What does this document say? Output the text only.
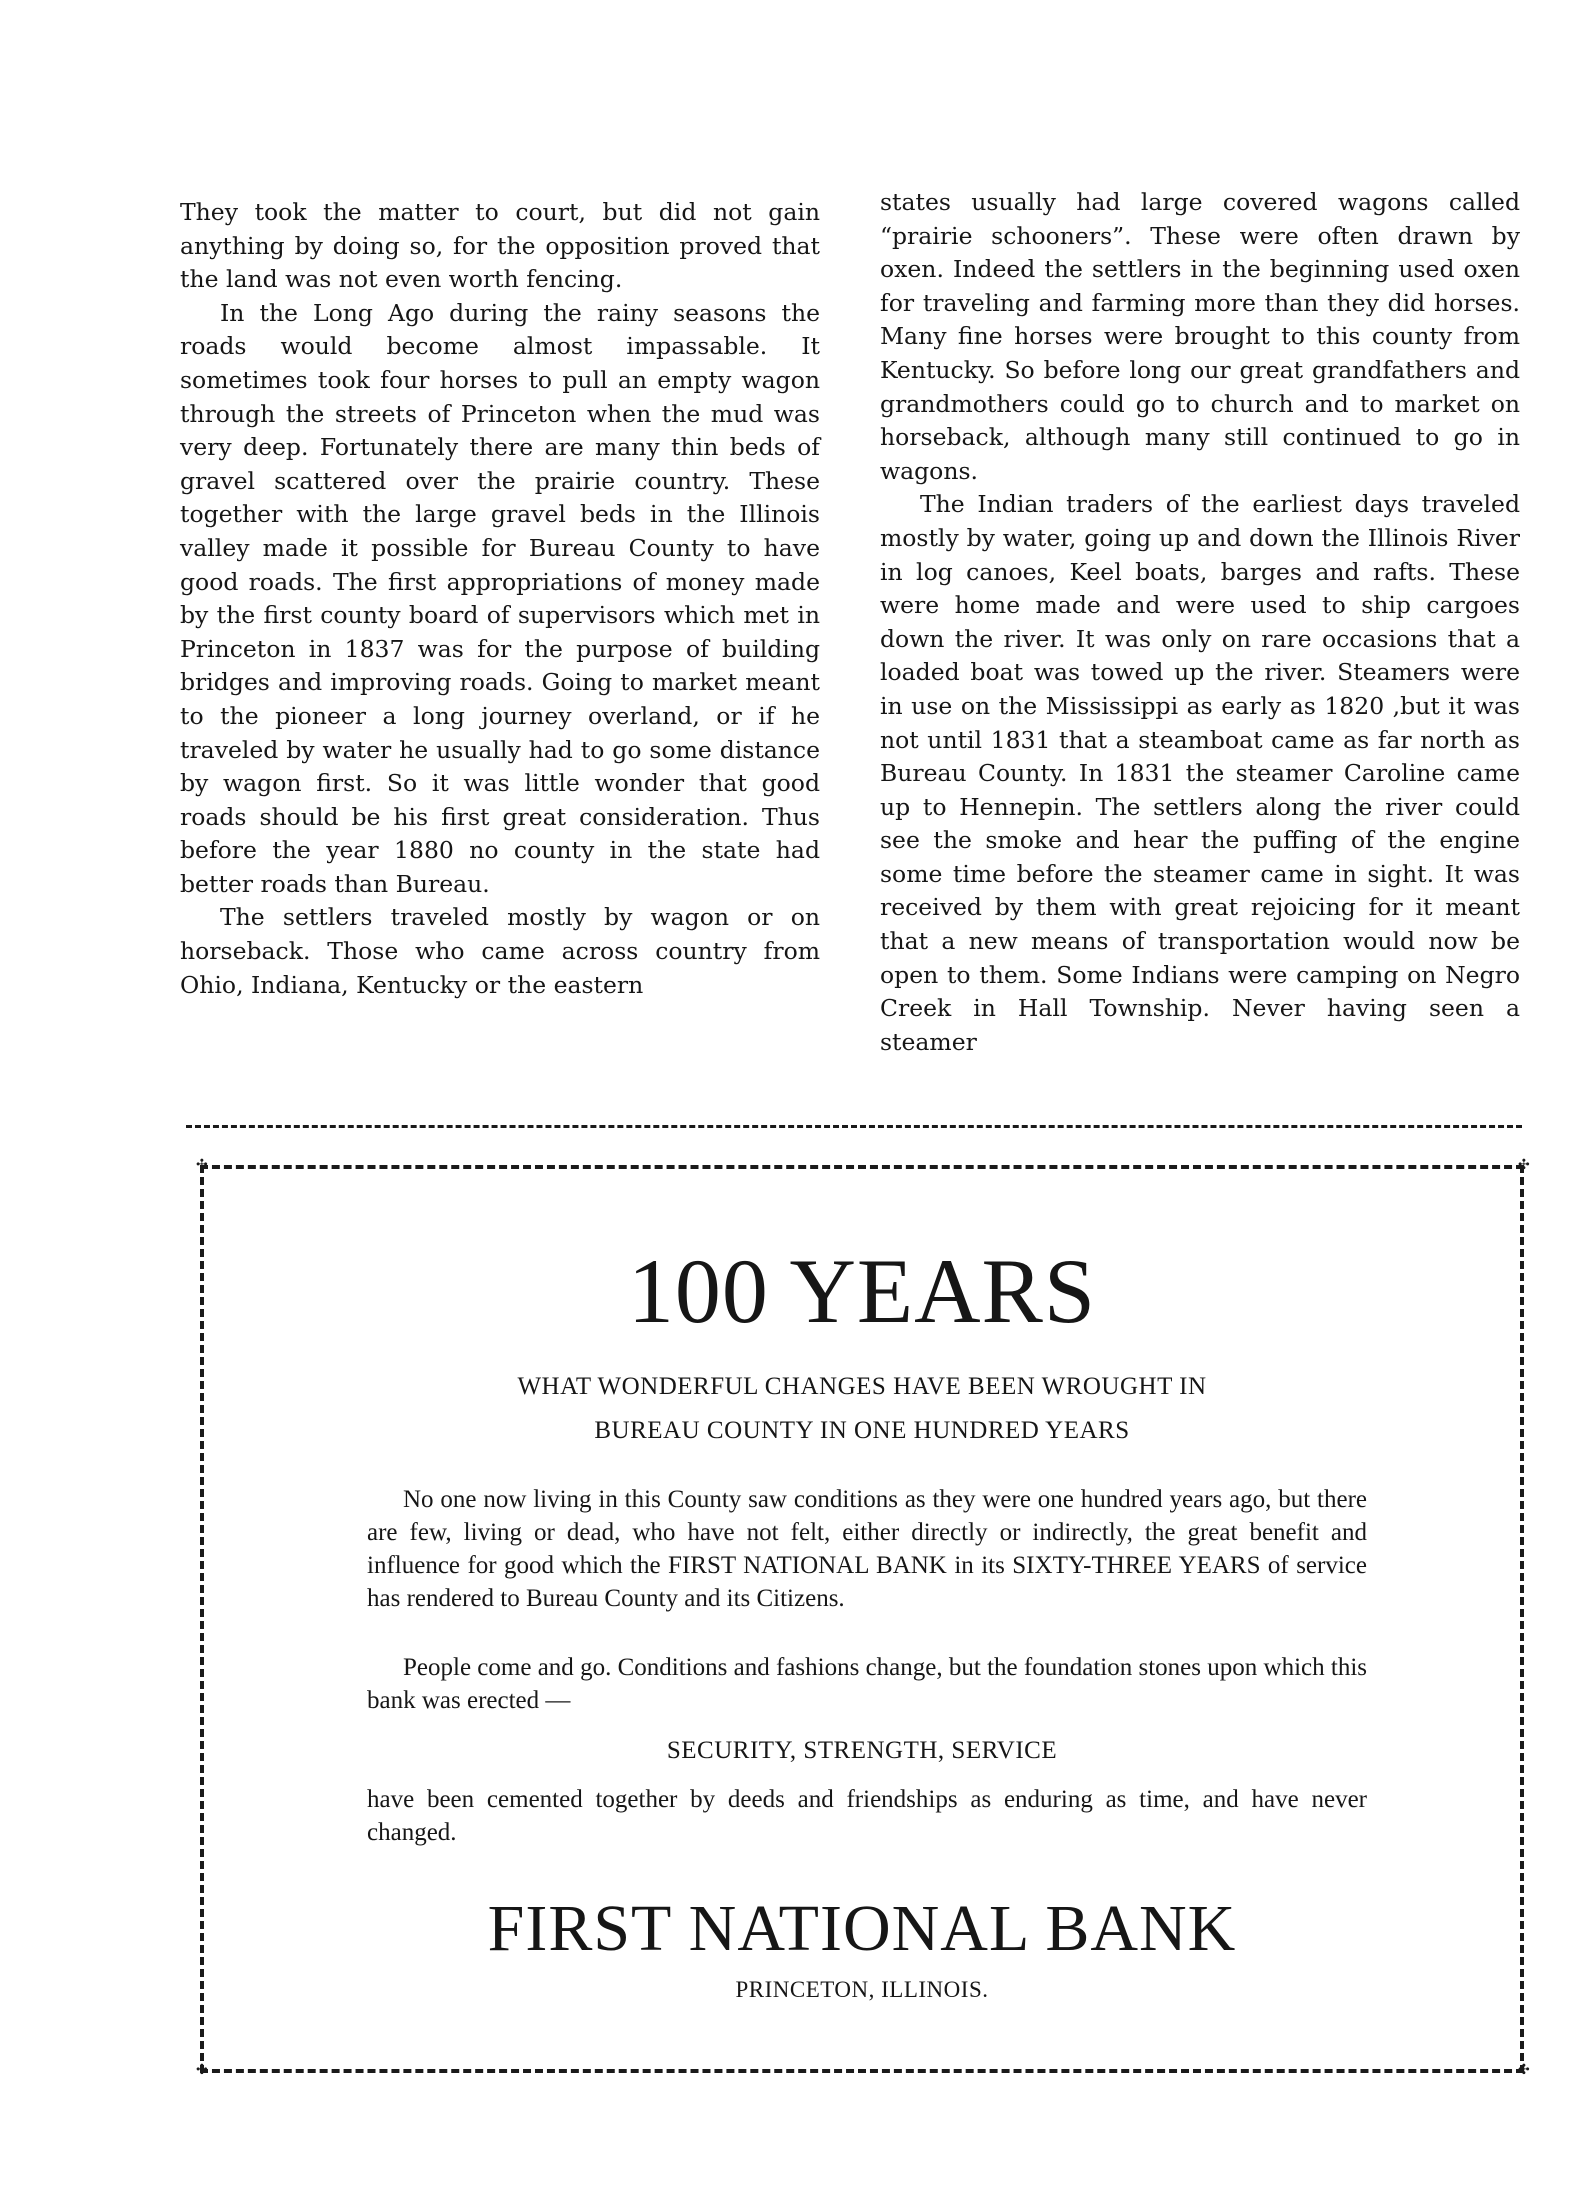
They took the matter to court, but did not gain anything by doing so, for the opposition proved that the land was not even worth fencing.

In the Long Ago during the rainy seasons the roads would become almost impassable. It sometimes took four horses to pull an empty wagon through the streets of Princeton when the mud was very deep. Fortunately there are many thin beds of gravel scattered over the prairie country. These together with the large gravel beds in the Illinois valley made it possible for Bureau County to have good roads. The first appropriations of money made by the first county board of supervisors which met in Princeton in 1837 was for the purpose of building bridges and improving roads. Going to market meant to the pioneer a long journey overland, or if he traveled by water he usually had to go some distance by wagon first. So it was little wonder that good roads should be his first great consideration. Thus before the year 1880 no county in the state had better roads than Bureau.

The settlers traveled mostly by wagon or on horseback. Those who came across country from Ohio, Indiana, Kentucky or the eastern

states usually had large covered wagons called “prairie schooners”. These were often drawn by oxen. Indeed the settlers in the beginning used oxen for traveling and farming more than they did horses. Many fine horses were brought to this county from Kentucky. So before long our great grandfathers and grandmothers could go to church and to market on horseback, although many still continued to go in wagons.

The Indian traders of the earliest days traveled mostly by water, going up and down the Illinois River in log canoes, Keel boats, barges and rafts. These were home made and were used to ship cargoes down the river. It was only on rare occasions that a loaded boat was towed up the river. Steamers were in use on the Mississippi as early as 1820 ,but it was not until 1831 that a steamboat came as far north as Bureau County. In 1831 the steamer Caroline came up to Hennepin. The settlers along the river could see the smoke and hear the puffing of the engine some time before the steamer came in sight. It was received by them with great rejoicing for it meant that a new means of transportation would now be open to them. Some Indians were camping on Negro Creek in Hall Township. Never having seen a steamer

✣	✣
✣	✣
100 YEARS
WHAT WONDERFUL CHANGES HAVE BEEN WROUGHT IN
BUREAU COUNTY IN ONE HUNDRED YEARS

No one now living in this County saw conditions as they were one hundred years ago, but there are few, living or dead, who have not felt, either directly or indirectly, the great benefit and influence for good which the FIRST NATIONAL BANK in its SIXTY-THREE YEARS of service has rendered to Bureau County and its Citizens.

People come and go. Conditions and fashions change, but the foundation stones upon which this bank was erected —

SECURITY, STRENGTH, SERVICE

have been cemented together by deeds and friendships as enduring as time, and have never changed.

FIRST NATIONAL BANK
PRINCETON, ILLINOIS.
